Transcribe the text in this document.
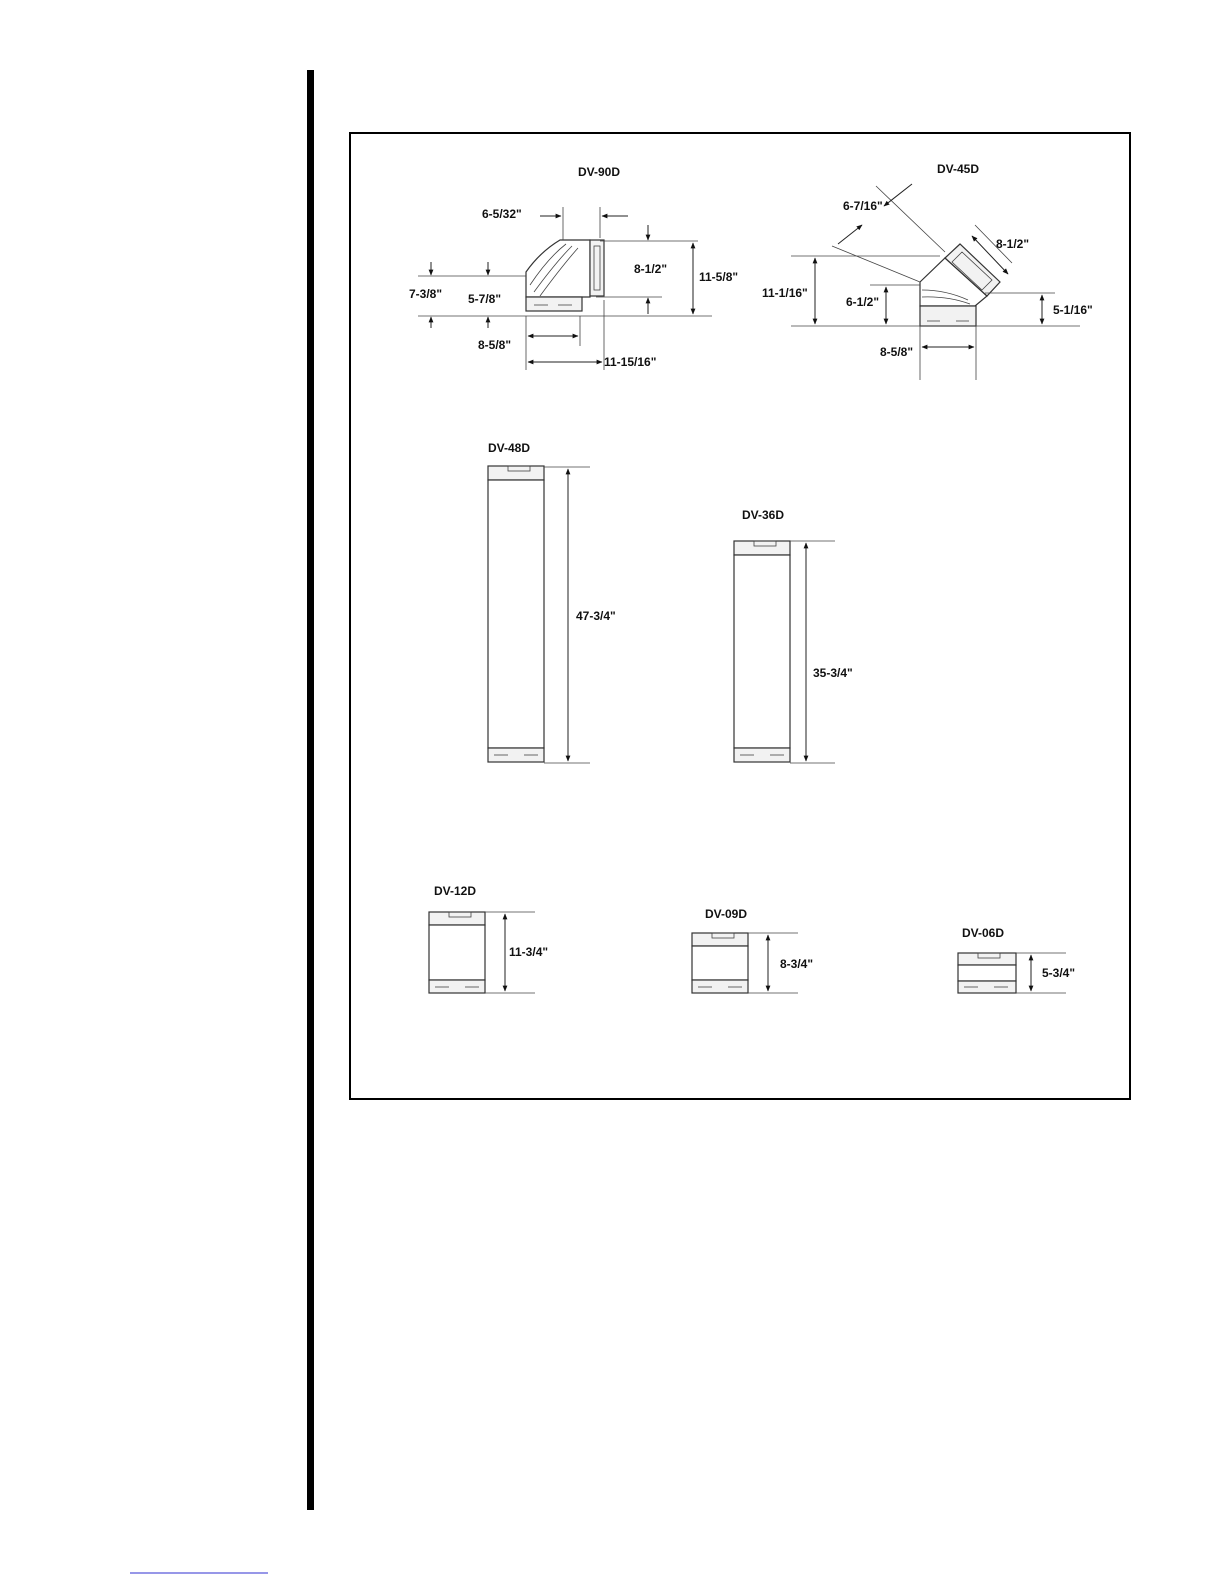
DV-90D
6-5/32"
8-1/2"
11-5/8"
7-3/8" 5-7/8"
8-5/8"
11-15/16"
DV-45D
6-7/16"
8-1/2"
11-1/16"
6-1/2"
5-1/16"
8-5/8"
DV-48D
47-3/4"
DV-36D
35-3/4"
DV-12D
11-3/4"
DV-09D
8-3/4"
DV-06D
5-3/4"
